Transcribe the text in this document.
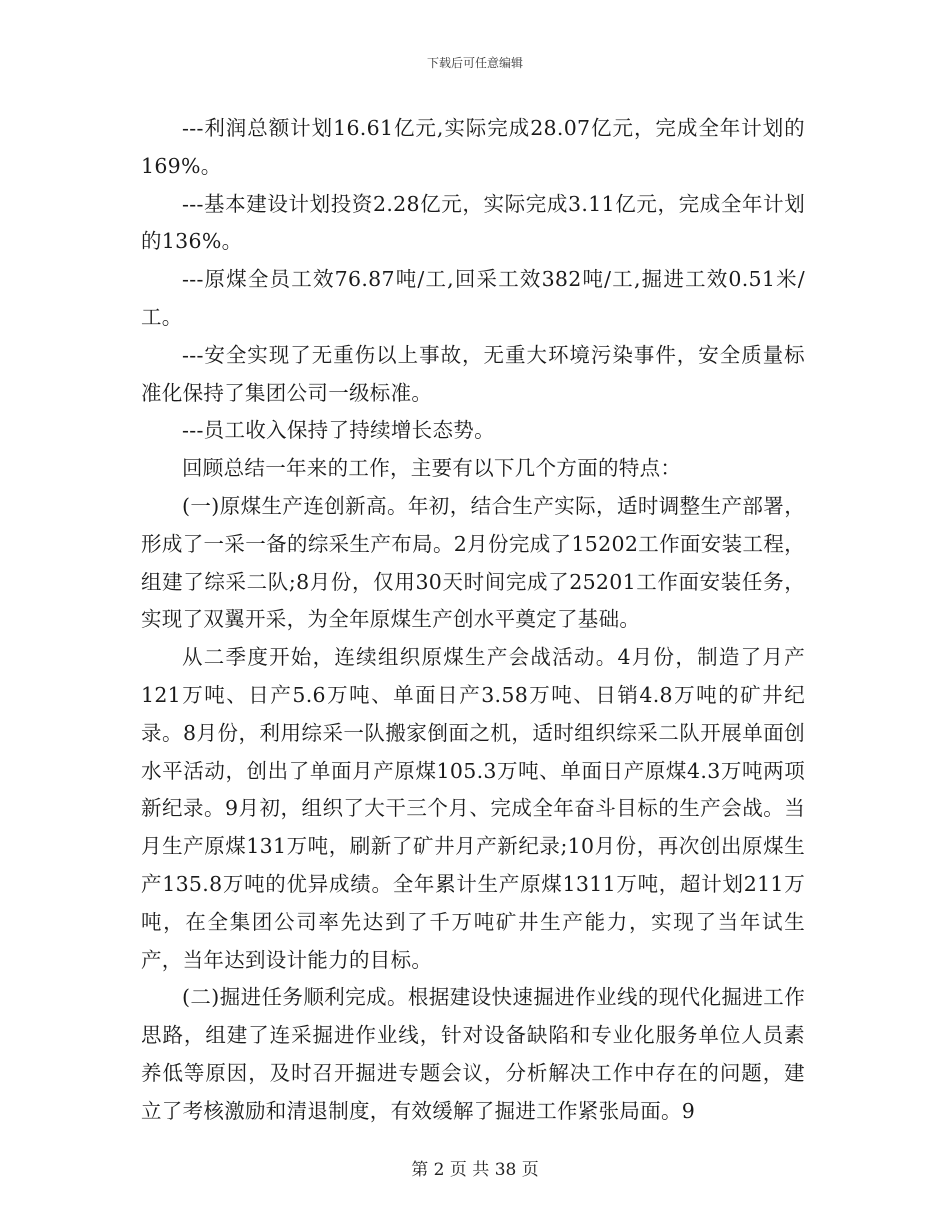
下载后可任意编辑

---利润总额计划16.61亿元,实际完成28.07亿元，完成全年计划的169%。

---基本建设计划投资2.28亿元，实际完成3.11亿元，完成全年计划的136%。

---原煤全员工效76.87吨/工,回采工效382吨/工,掘进工效0.51米/工。

---安全实现了无重伤以上事故，无重大环境污染事件，安全质量标准化保持了集团公司一级标准。

---员工收入保持了持续增长态势。

回顾总结一年来的工作，主要有以下几个方面的特点：

(一)原煤生产连创新高。年初，结合生产实际，适时调整生产部署，形成了一采一备的综采生产布局。2月份完成了15202工作面安装工程，组建了综采二队;8月份，仅用30天时间完成了25201工作面安装任务，实现了双翼开采，为全年原煤生产创水平奠定了基础。

从二季度开始，连续组织原煤生产会战活动。4月份，制造了月产121万吨、日产5.6万吨、单面日产3.58万吨、日销4.8万吨的矿井纪录。8月份，利用综采一队搬家倒面之机，适时组织综采二队开展单面创水平活动，创出了单面月产原煤105.3万吨、单面日产原煤4.3万吨两项新纪录。9月初，组织了大干三个月、完成全年奋斗目标的生产会战。当月生产原煤131万吨，刷新了矿井月产新纪录;10月份，再次创出原煤生产135.8万吨的优异成绩。全年累计生产原煤1311万吨，超计划211万吨，在全集团公司率先达到了千万吨矿井生产能力，实现了当年试生产，当年达到设计能力的目标。

(二)掘进任务顺利完成。根据建设快速掘进作业线的现代化掘进工作思路，组建了连采掘进作业线，针对设备缺陷和专业化服务单位人员素养低等原因，及时召开掘进专题会议，分析解决工作中存在的问题，建立了考核激励和清退制度，有效缓解了掘进工作紧张局面。9

第 2 页 共 38 页
